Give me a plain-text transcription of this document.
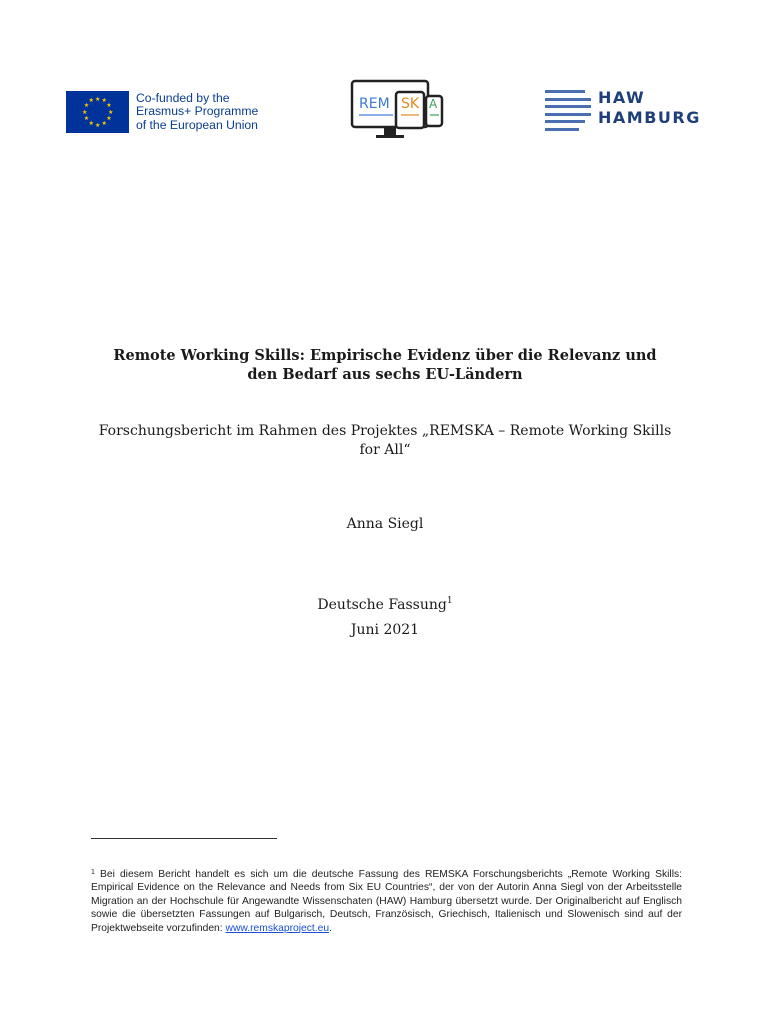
★ ★
★
★
★
★
★
★
★
★
★
★	Co-funded by the
Erasmus+ Programme
of the European Union
REM SK A	HAW
HAMBURG
Remote Working Skills: Empirische Evidenz über die Relevanz und
den Bedarf aus sechs EU-Ländern
Forschungsbericht im Rahmen des Projektes „REMSKA – Remote Working Skills
for All“
Anna Siegl
Deutsche Fassung$^1$
Juni 2021
$^1$ Bei diesem Bericht handelt es sich um die deutsche Fassung des REMSKA Forschungsberichts „Remote Working Skills: Empirical Evidence on the Relevance and Needs from Six EU Countries“, der von der Autorin Anna Siegl von der Arbeitsstelle Migration an der Hochschule für Angewandte Wissenschaten (HAW) Hamburg übersetzt wurde. Der Originalbericht auf Englisch sowie die übersetzten Fassungen auf Bulgarisch, Deutsch, Französisch, Griechisch, Italienisch und Slowenisch sind auf der Projektwebseite vorzufinden: www.remskaproject.eu.
